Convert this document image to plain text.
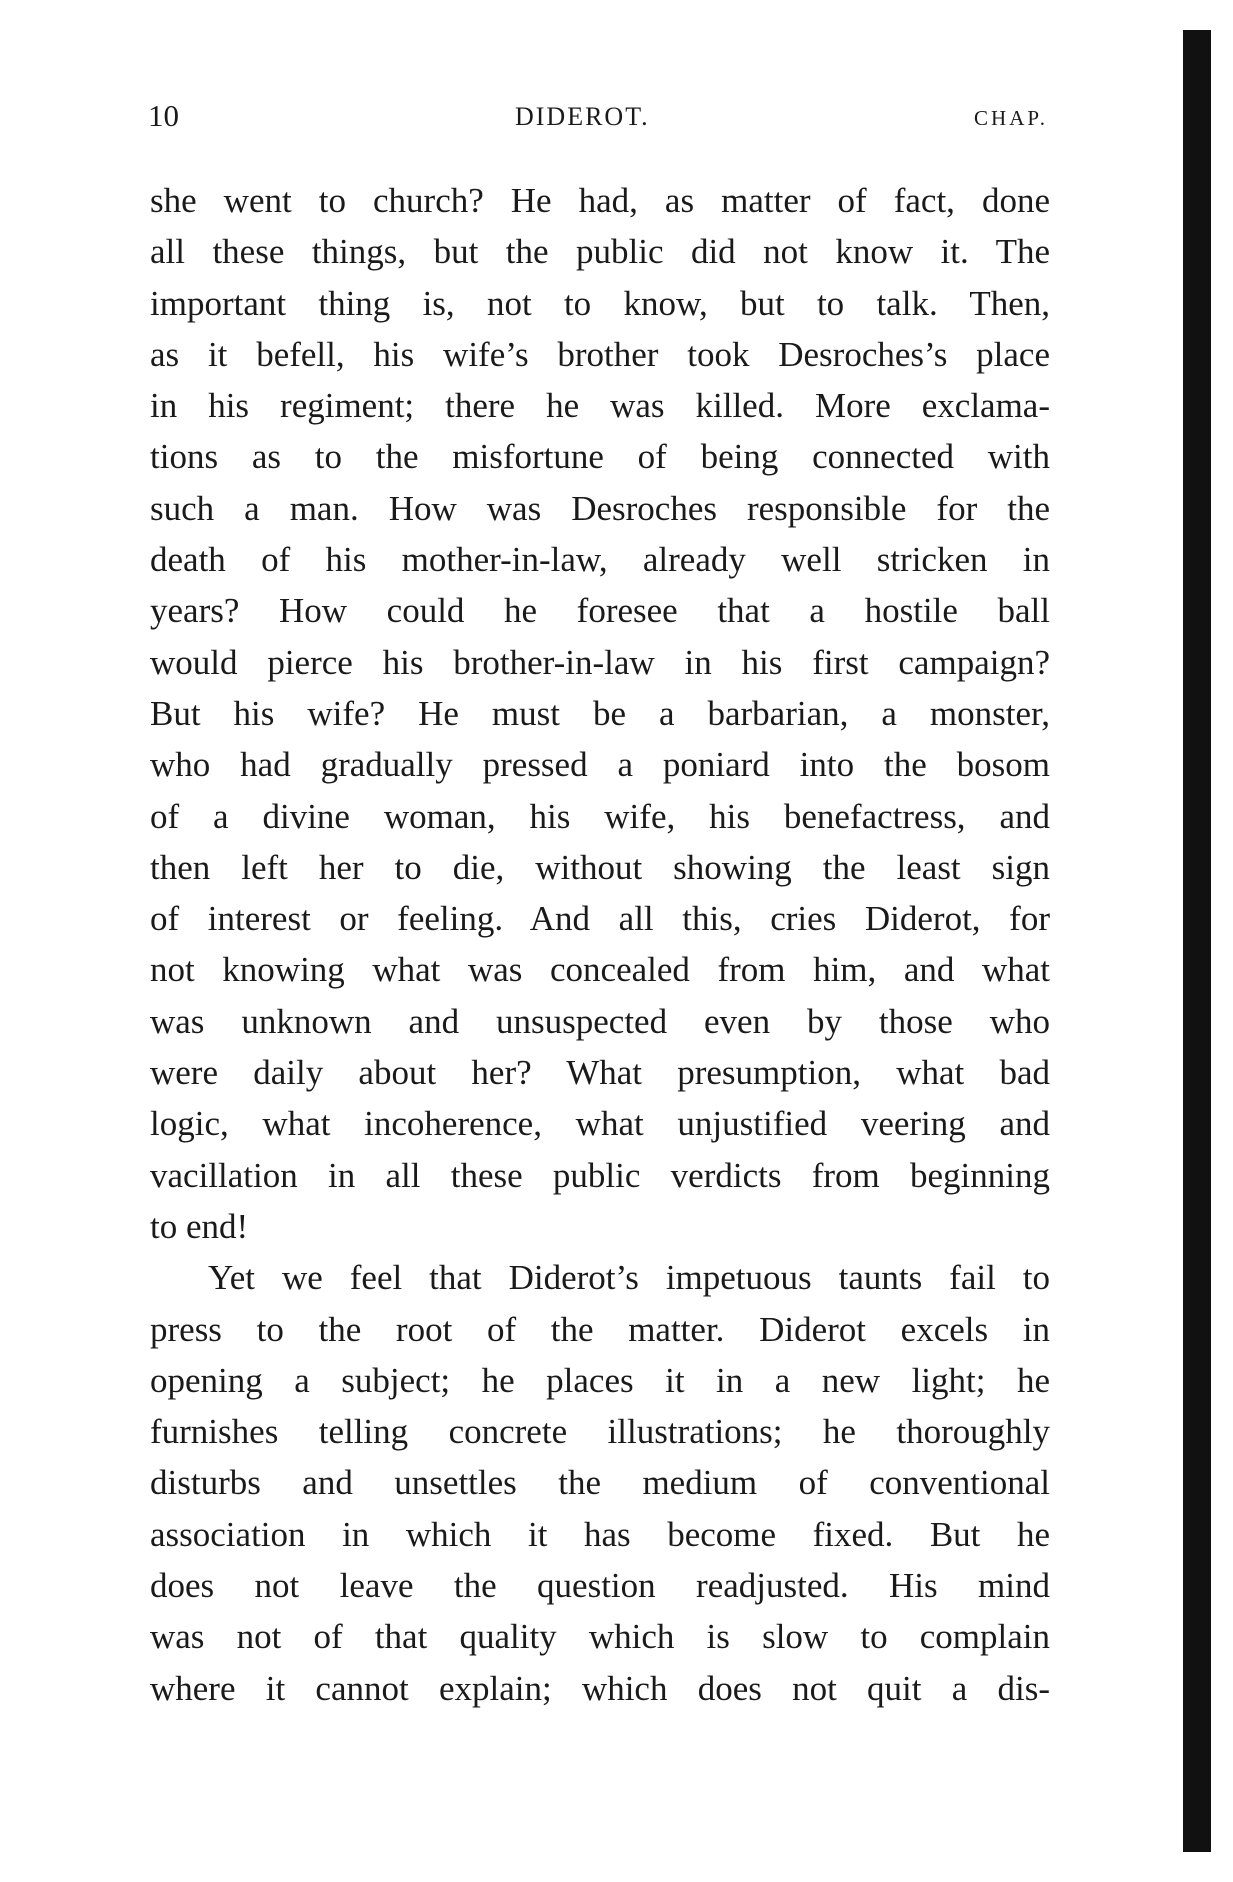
10	DIDEROT.	CHAP.
she went to church? He had, as matter of fact, done
all these things, but the public did not know it. The
important thing is, not to know, but to talk. Then,
as it befell, his wife’s brother took Desroches’s place
in his regiment; there he was killed. More exclama-
tions as to the misfortune of being connected with
such a man. How was Desroches responsible for the
death of his mother-in-law, already well stricken in
years? How could he foresee that a hostile ball
would pierce his brother-in-law in his first campaign?
But his wife? He must be a barbarian, a monster,
who had gradually pressed a poniard into the bosom
of a divine woman, his wife, his benefactress, and
then left her to die, without showing the least sign
of interest or feeling. And all this, cries Diderot, for
not knowing what was concealed from him, and what
was unknown and unsuspected even by those who
were daily about her? What presumption, what bad
logic, what incoherence, what unjustified veering and
vacillation in all these public verdicts from beginning
to end!
Yet we feel that Diderot’s impetuous taunts fail to
press to the root of the matter. Diderot excels in
opening a subject; he places it in a new light; he
furnishes telling concrete illustrations; he thoroughly
disturbs and unsettles the medium of conventional
association in which it has become fixed. But he
does not leave the question readjusted. His mind
was not of that quality which is slow to complain
where it cannot explain; which does not quit a dis-
